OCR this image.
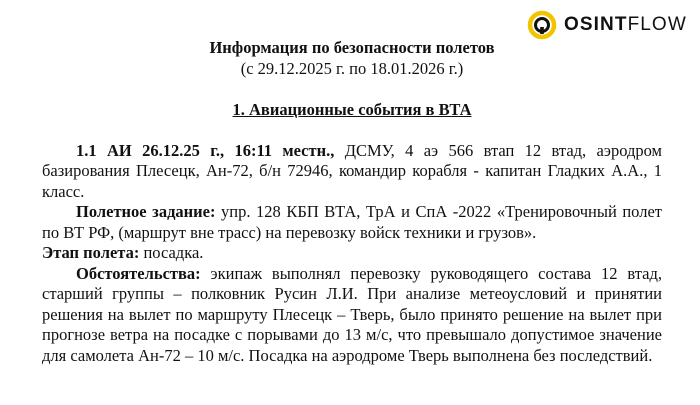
OSINTFLOW
Информация по безопасности полетов
(с 29.12.2025 г. по 18.01.2026 г.)
1. Авиационные события в ВТА

1.1 АИ 26.12.25 г., 16:11 местн., ДСМУ, 4 аэ 566 втап 12 втад, аэродром базирования Плесецк, Ан-72, б/н 72946, командир корабля - капитан Гладких А.А., 1 класс.

Полетное задание: упр. 128 КБП ВТА, ТрА и СпА -2022 «Тренировочный полет по ВТ РФ, (маршрут вне трасс) на перевозку войск техники и грузов».

Этап полета: посадка.

Обстоятельства: экипаж выполнял перевозку руководящего состава 12 втад, старший группы – полковник Русин Л.И. При анализе метеоусловий и принятии решения на вылет по маршруту Плесецк – Тверь, было принято решение на вылет при прогнозе ветра на посадке с порывами до 13 м/с, что превышало допустимое значение для самолета Ан-72 – 10 м/с. Посадка на аэродроме Тверь выполнена без последствий.
